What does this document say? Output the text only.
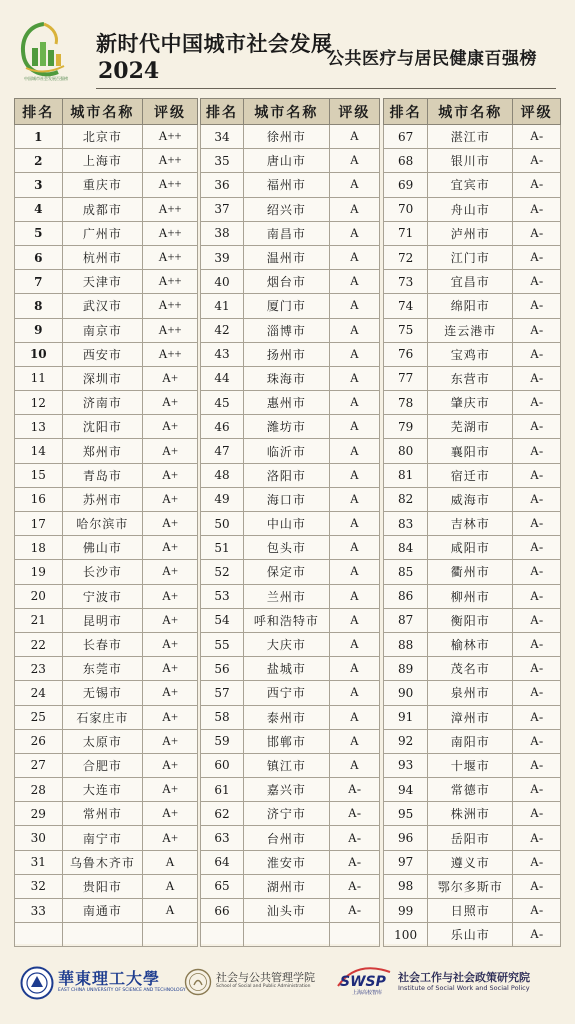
中国城市社会发展百强榜
新时代中国城市社会发展
2024	公共医疗与居民健康百强榜
排名	城市名称	评级
1	北京市	A++
2	上海市	A++
3	重庆市	A++
4	成都市	A++
5	广州市	A++
6	杭州市	A++
7	天津市	A++
8	武汉市	A++
9	南京市	A++
10	西安市	A++
11	深圳市	A+
12	济南市	A+
13	沈阳市	A+
14	郑州市	A+
15	青岛市	A+
16	苏州市	A+
17	哈尔滨市	A+
18	佛山市	A+
19	长沙市	A+
20	宁波市	A+
21	昆明市	A+
22	长春市	A+
23	东莞市	A+
24	无锡市	A+
25	石家庄市	A+
26	太原市	A+
27	合肥市	A+
28	大连市	A+
29	常州市	A+
30	南宁市	A+
31	乌鲁木齐市	A
32	贵阳市	A
33	南通市	A

排名	城市名称	评级
34	徐州市	A
35	唐山市	A
36	福州市	A
37	绍兴市	A
38	南昌市	A
39	温州市	A
40	烟台市	A
41	厦门市	A
42	淄博市	A
43	扬州市	A
44	珠海市	A
45	惠州市	A
46	潍坊市	A
47	临沂市	A
48	洛阳市	A
49	海口市	A
50	中山市	A
51	包头市	A
52	保定市	A
53	兰州市	A
54	呼和浩特市	A
55	大庆市	A
56	盐城市	A
57	西宁市	A
58	泰州市	A
59	邯郸市	A
60	镇江市	A
61	嘉兴市	A-
62	济宁市	A-
63	台州市	A-
64	淮安市	A-
65	湖州市	A-
66	汕头市	A-

排名	城市名称	评级
67	湛江市	A-
68	银川市	A-
69	宜宾市	A-
70	舟山市	A-
71	泸州市	A-
72	江门市	A-
73	宜昌市	A-
74	绵阳市	A-
75	连云港市	A-
76	宝鸡市	A-
77	东营市	A-
78	肇庆市	A-
79	芜湖市	A-
80	襄阳市	A-
81	宿迁市	A-
82	威海市	A-
83	吉林市	A-
84	咸阳市	A-
85	衢州市	A-
86	柳州市	A-
87	衡阳市	A-
88	榆林市	A-
89	茂名市	A-
90	泉州市	A-
91	漳州市	A-
92	南阳市	A-
93	十堰市	A-
94	常德市	A-
95	株洲市	A-
96	岳阳市	A-
97	遵义市	A-
98	鄂尔多斯市	A-
99	日照市	A-
100	乐山市	A-
華東理工大學
EAST CHINA UNIVERSITY OF SCIENCE AND TECHNOLOGY
社会与公共管理学院
School of Social and Public Administration SWSP
上海高校智库
社会工作与社会政策研究院
Institute of Social Work and Social Policy
